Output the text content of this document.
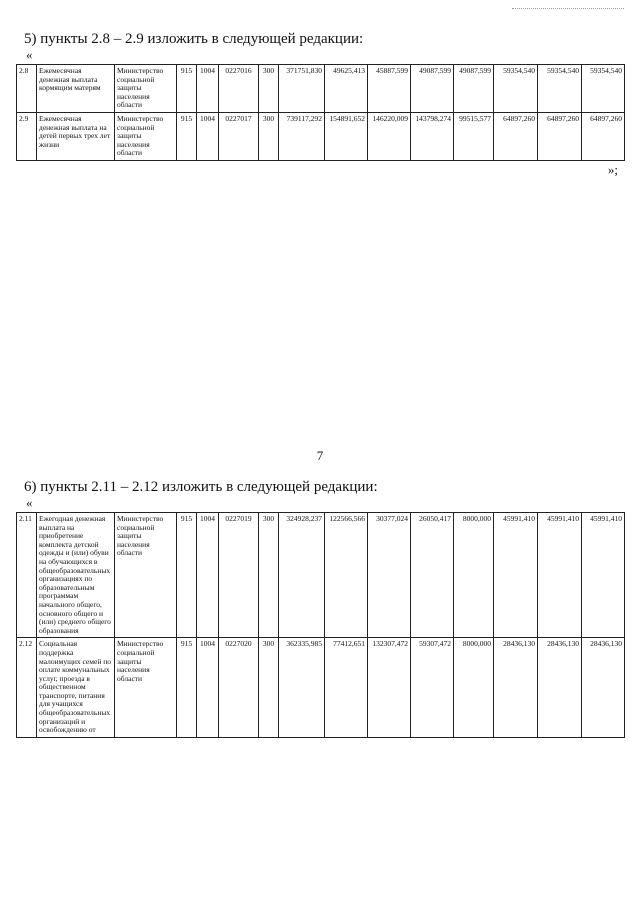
5) пункты 2.8 – 2.9 изложить в следующей редакции:

«
2.8	Ежемесячная денежная выплата кормящим матерям	Министерство социальной защиты населения области	915	1004	0227016	300	371751,830	49625,413	45887,599	49087,599	49087,599	59354,540	59354,540	59354,540
2.9	Ежемесячная денежная выплата на детей первых трех лет жизни	Министерство социальной защиты населения области	915	1004	0227017	300	739117,292	154891,652	146220,009	143798,274	99515,577	64897,260	64897,260	64897,260
»;
7

6) пункты 2.11 – 2.12 изложить в следующей редакции:

«
2.11	Ежегодная денежная выплата на приобретение комплекта детской одежды и (или) обуви на обучающихся в общеобразовательных организациях по образовательным программам начального общего, основного общего и (или) среднего общего образования	Министерство социальной защиты населения области	915	1004	0227019	300	324928,237	122566,566	30377,024	26050,417	8000,000	45991,410	45991,410	45991,410
2.12	Социальная поддержка малоимущих семей по оплате коммунальных услуг, проезда в общественном транспорте, питания для учащихся общеобразовательных организаций и освобождению от	Министерство социальной защиты населения области	915	1004	0227020	300	362335,985	77412,651	132307,472	59307,472	8000,000	28436,130	28436,130	28436,130
